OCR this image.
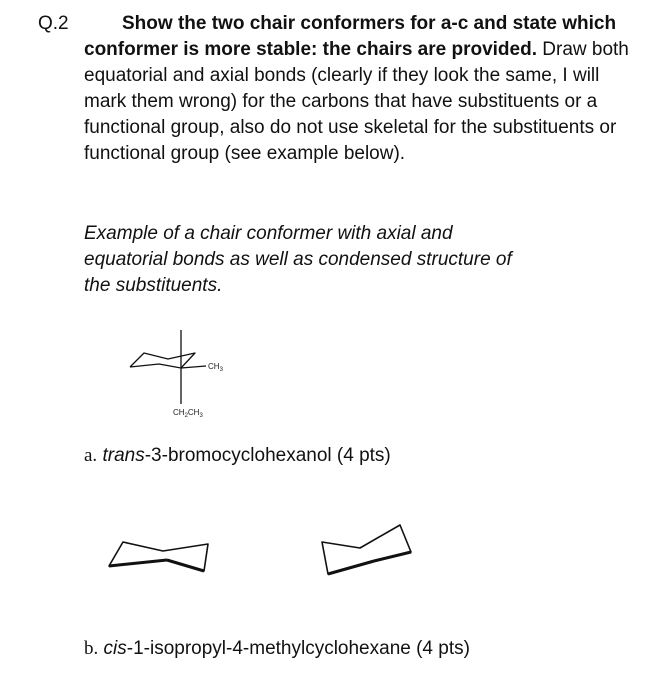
Q.2	Show the two chair conformers for a-c and state which conformer is more stable: the chairs are provided. Draw both equatorial and axial bonds (clearly if they look the same, I will mark them wrong) for the carbons that have substituents or a functional group, also do not use skeletal for the substituents or functional group (see example below).
Example of a chair conformer with axial and
equatorial bonds as well as condensed structure of
the substituents.
$CH_3$
$CH_2CH_3$
a. trans-3-bromocyclohexanol (4 pts)
b. cis-1-isopropyl-4-methylcyclohexane (4 pts)
